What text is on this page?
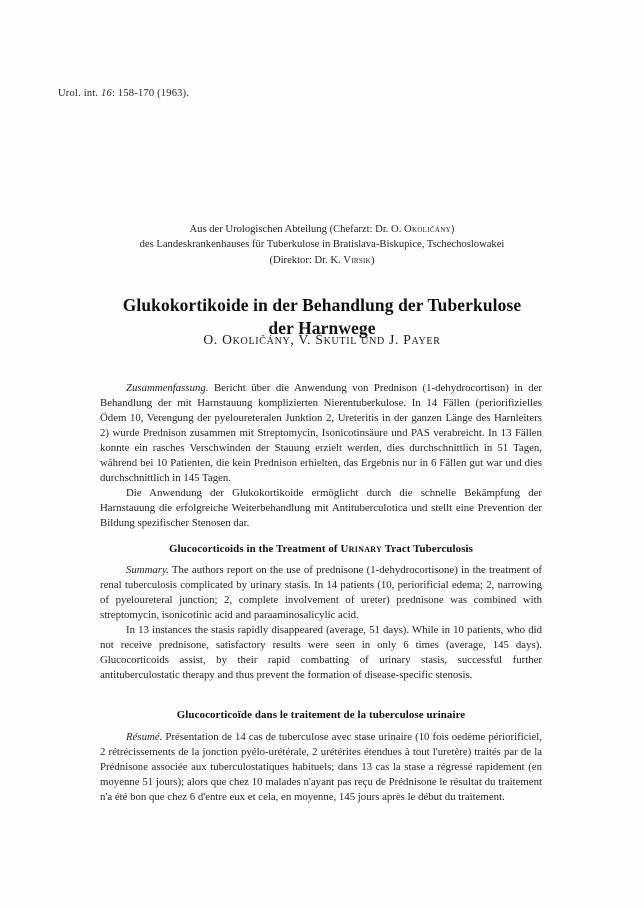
Urol. int. 16: 158-170 (1963).
Aus der Urologischen Abteilung (Chefarzt: Dr. O. Okoličány)
des Landeskrankenhauses für Tuberkulose in Bratislava-Biskupice, Tschechoslowakei
(Direktor: Dr. K. Virsik)
Glukokortikoide in der Behandlung der Tuberkulose
der Harnwege
O. Okoličány, V. Škutil und J. Payer

Zusammenfassung. Bericht über die Anwendung von Prednison (1-dehydrocortison) in der Behandlung der mit Harnstauung komplizierten Nierentuberkulose. In 14 Fällen (periorifizielles Ödem 10, Verengung der pyeloureteralen Junktion 2, Ureteritis in der ganzen Länge des Harnleiters 2) wurde Prednison zusammen mit Streptomycin, Isonicotinsäure und PAS verabreicht. In 13 Fällen konnte ein rasches Verschwinden der Stauung erzielt werden, dies durchschnittlich in 51 Tagen, während bei 10 Patienten, die kein Prednison erhielten, das Ergebnis nur in 6 Fällen gut war und dies durchschnittlich in 145 Tagen.

Die Anwendung der Glukokortikoide ermöglicht durch die schnelle Bekämpfung der Harnstauung die erfolgreiche Weiterbehandlung mit Antituberculotica und stellt eine Prevention der Bildung spezifischer Stenosen dar.

Glucocorticoids in the Treatment of Urinary Tract Tuberculosis

Summary. The authors report on the use of prednisone (1-dehydrocortisone) in the treatment of renal tuberculosis complicated by urinary stasis. In 14 patients (10, periorificial edema; 2, narrowing of pyeloureteral junction; 2, complete involvement of ureter) prednisone was combined with streptomycin, isonicotinic acid and paraaminosalicylic acid.

In 13 instances the stasis rapidly disappeared (average, 51 days). While in 10 patients, who did not receive prednisone, satisfactory results were seen in only 6 times (average, 145 days). Glucocorticoids assist, by their rapid combatting of urinary stasis, successful further antituberculostatic therapy and thus prevent the formation of disease-specific stenosis.

Glucocorticoïde dans le traitement de la tuberculose urinaire

Résumé. Présentation de 14 cas de tuberculose avec stase urinaire (10 fois oedème périorificiel, 2 rétrécissements de la jonction pyélo-urétérale, 2 urétérites étendues à tout l'uretère) traités par de la Prédnisone associée aux tuberculostatiques habituels; dans 13 cas la stase a régressé rapidement (en moyenne 51 jours); alors que chez 10 malades n'ayant pas reçu de Prédnisone le résultat du traitement n'a été bon que chez 6 d'entre eux et cela, en moyenne, 145 jours après le début du traitement.
